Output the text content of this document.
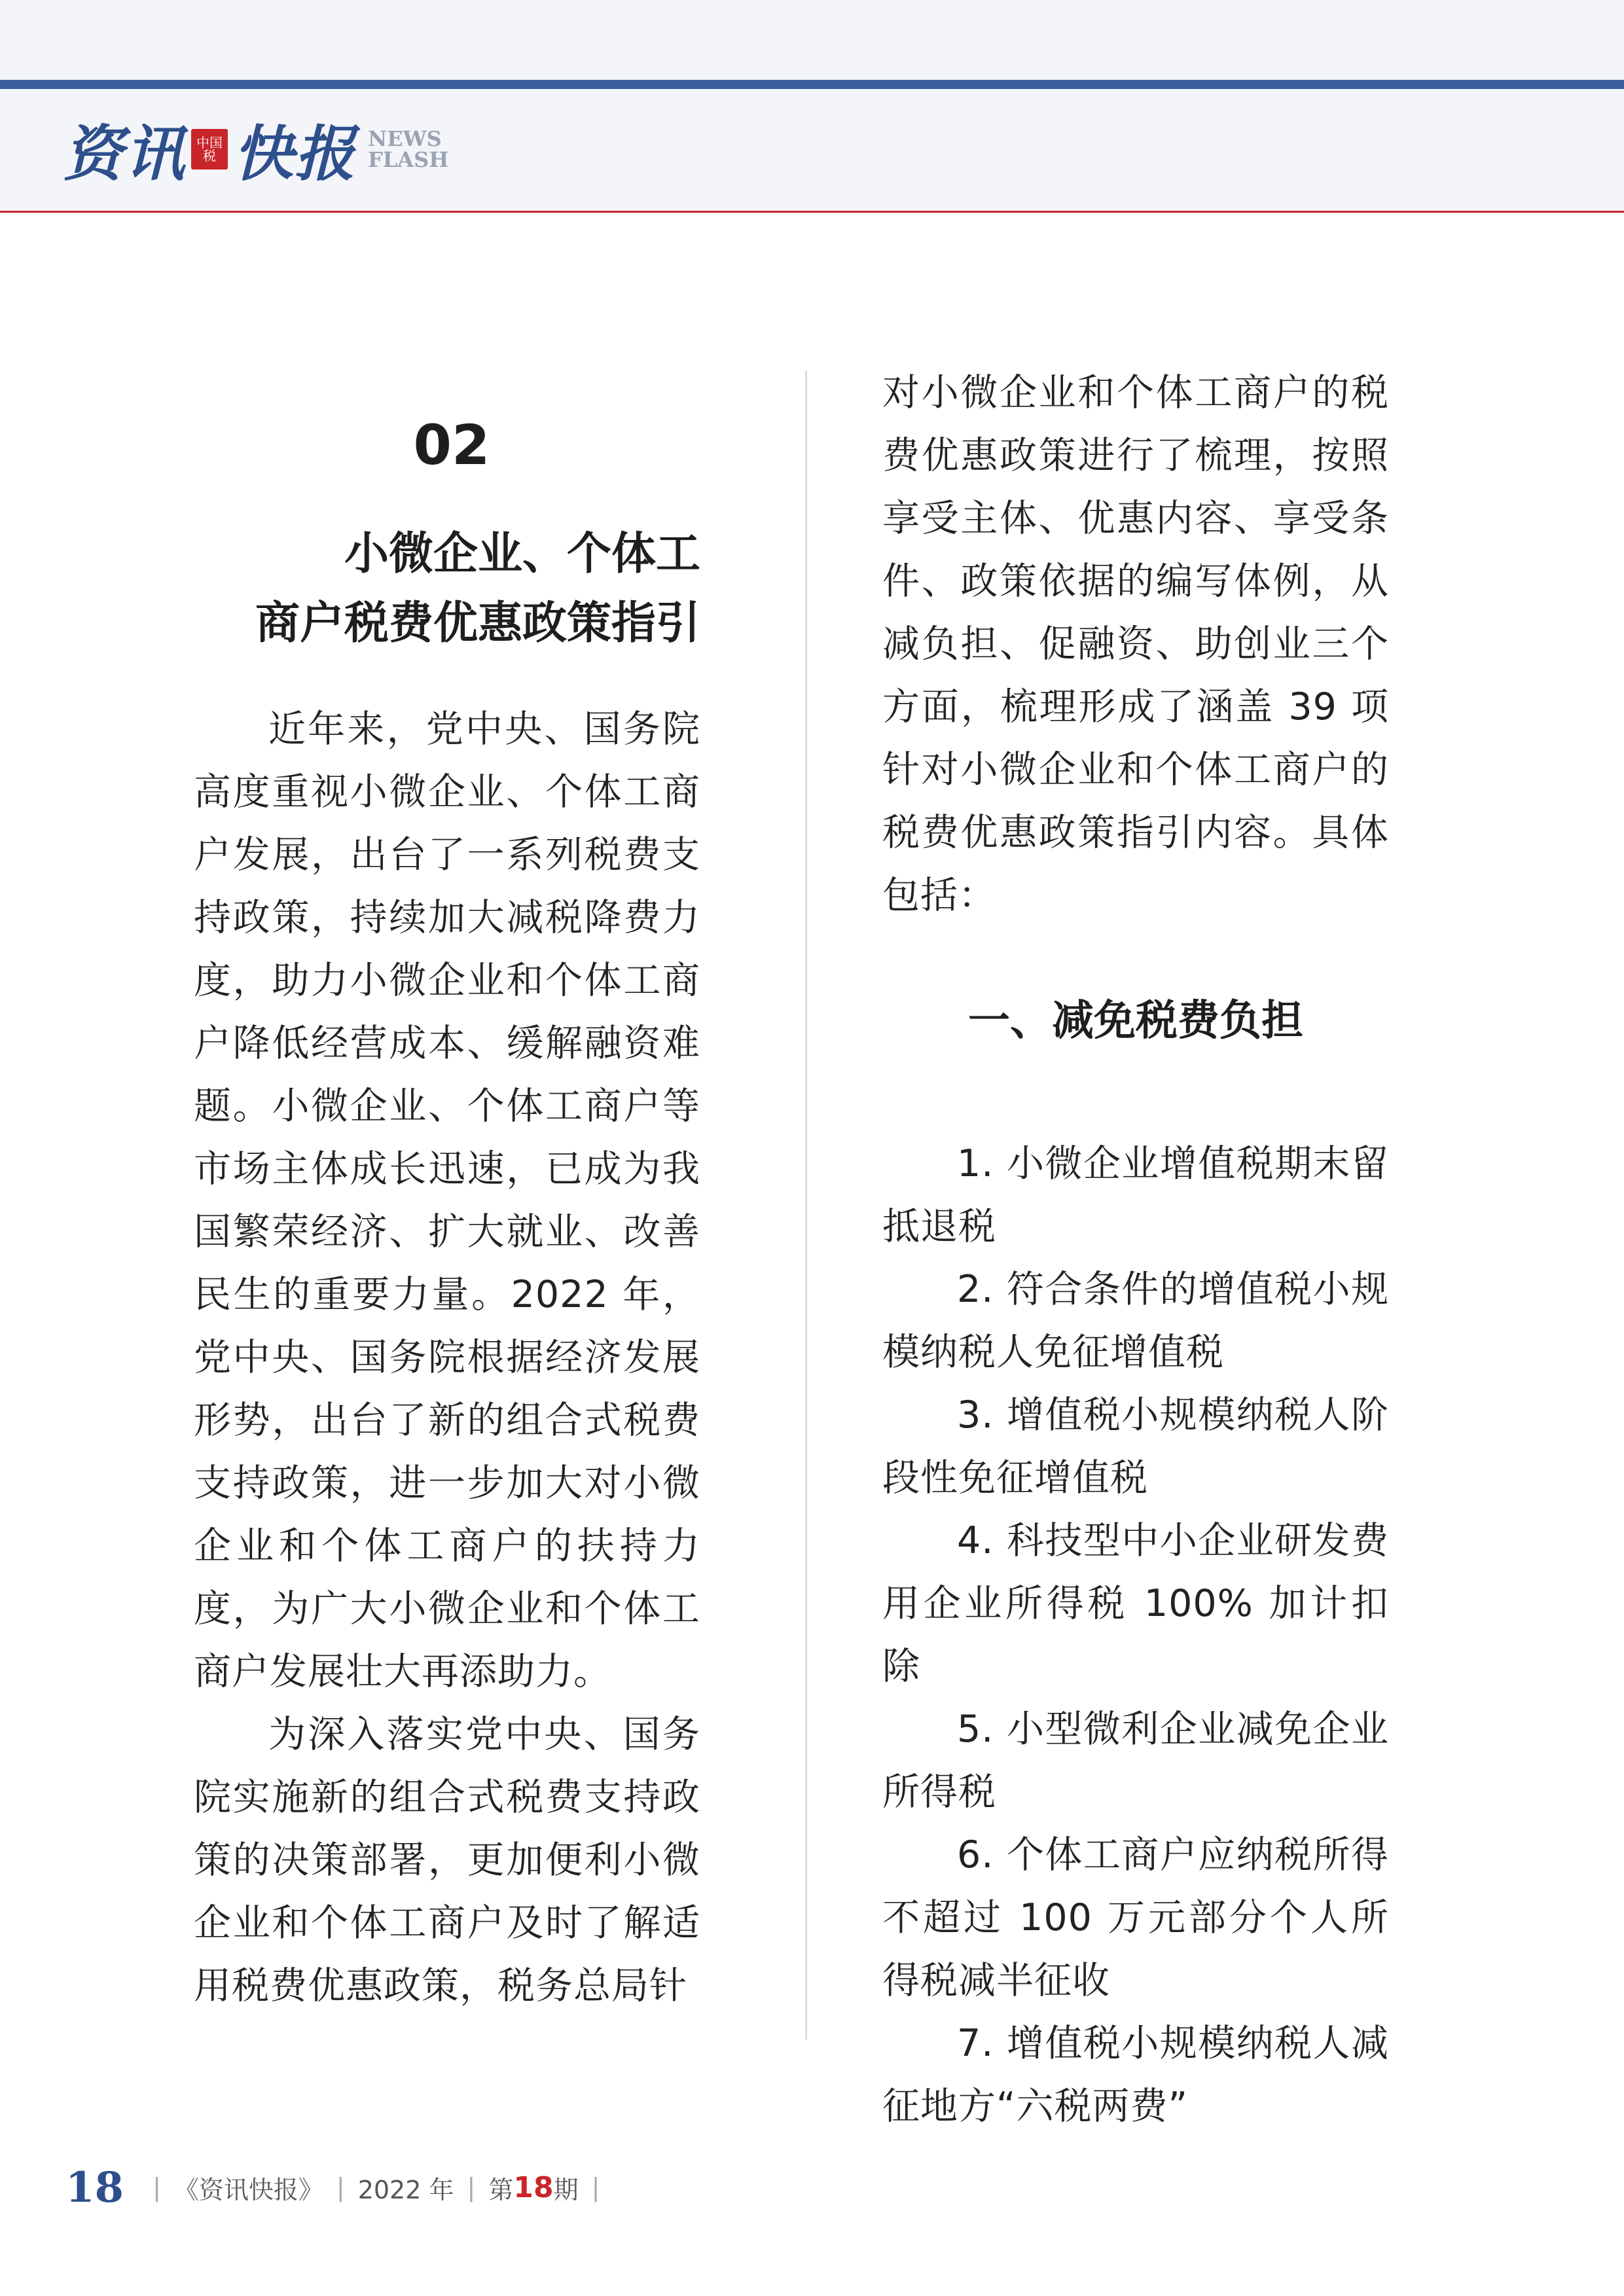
资讯 中国税 快报 NEWS
FLASH
02
小微企业、个体工
商户税费优惠政策指引

近年来，党中央、国务院高度重视小微企业、个体工商户发展，出台了一系列税费支持政策，持续加大减税降费力度，助力小微企业和个体工商户降低经营成本、缓解融资难题。小微企业、个体工商户等市场主体成长迅速，已成为我国繁荣经济、扩大就业、改善民生的重要力量。2022 年，党中央、国务院根据经济发展形势，出台了新的组合式税费支持政策，进一步加大对小微企业和个体工商户的扶持力度，为广大小微企业和个体工商户发展壮大再添助力。

为深入落实党中央、国务院实施新的组合式税费支持政策的决策部署，更加便利小微企业和个体工商户及时了解适用税费优惠政策，税务总局针

对小微企业和个体工商户的税费优惠政策进行了梳理，按照享受主体、优惠内容、享受条件、政策依据的编写体例，从减负担、促融资、助创业三个方面，梳理形成了涵盖 39 项针对小微企业和个体工商户的税费优惠政策指引内容。具体包括：

一、减免税费负担

1. 小微企业增值税期末留抵退税

2. 符合条件的增值税小规模纳税人免征增值税

3. 增值税小规模纳税人阶段性免征增值税

4. 科技型中小企业研发费用企业所得税 100% 加计扣除

5. 小型微利企业减免企业所得税

6. 个体工商户应纳税所得不超过 100 万元部分个人所得税减半征收

7. 增值税小规模纳税人减征地方“六税两费”

18 | 《资讯快报》 | 2022 年 | 第 18 期 |
